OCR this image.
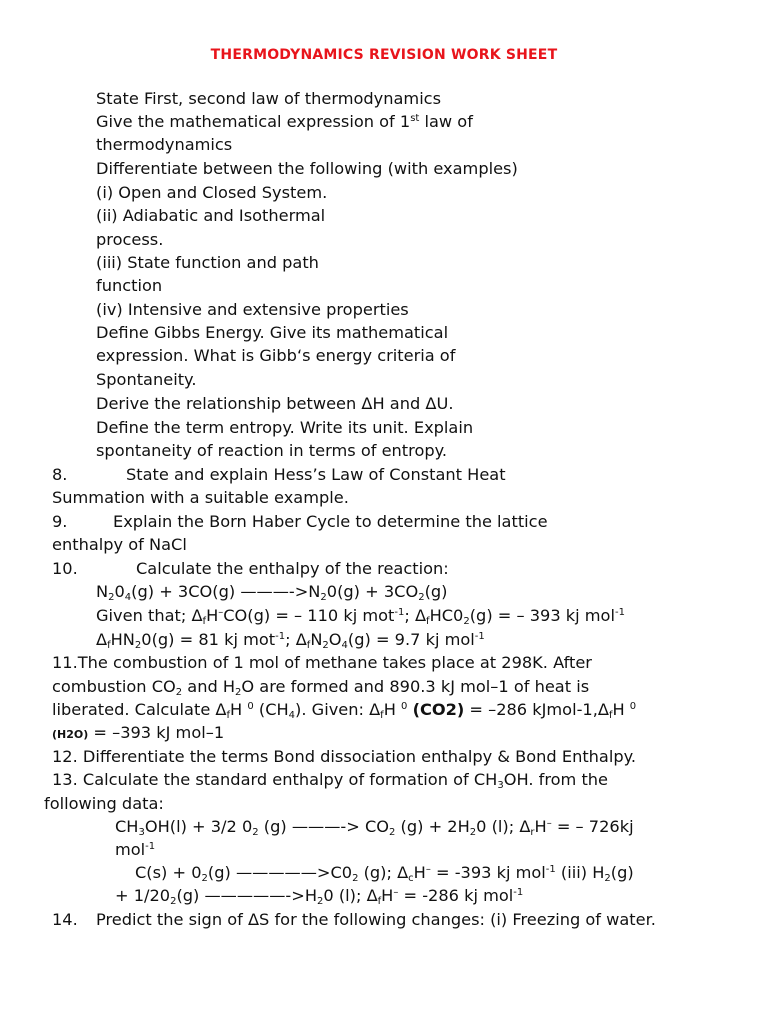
THERMODYNAMICS REVISION WORK SHEET
State First, second law of thermodynamics
Give the mathematical expression of 1st law of
thermodynamics
Differentiate between the following (with examples)
(i) Open and Closed System.
(ii) Adiabatic and Isothermal
process.
(iii) State function and path
function
(iv) Intensive and extensive properties
Define Gibbs Energy. Give its mathematical
expression. What is Gibb‘s energy criteria of
Spontaneity.
Derive the relationship between ΔH and ΔU.
Define the term entropy. Write its unit. Explain
spontaneity of reaction in terms of entropy.
8.	State and explain Hess’s Law of Constant Heat
Summation with a suitable example.
9.	Explain the Born Haber Cycle to determine the lattice
enthalpy of NaCl
10.	Calculate the enthalpy of the reaction:
$N_20_4(g) + 3CO(g)$ $———->N_20(g) + 3CO_2(g)$
Given that; $\Delta_fH^-CO(g)$ = – 110 kj mot$^{-1}$; $\Delta_fHC0_2(g)$ = – 393 kj mol$^{-1}$
$\Delta_fHN_20(g) = 81$ kj mot$^{-1}$; $\Delta_fN_2O_4(g) = 9.7$ kj mol$^{-1}$
11.The combustion of 1 mol of methane takes place at 298K. After
combustion $CO_2$ and $H_2O$ are formed and 890.3 kJ mol–1 of heat is
liberated. Calculate $\Delta_fH$ $^0$ $(CH_4)$. Given: $\Delta_fH$ $^0$ (CO2) = –286 kJmol-$1,\Delta_fH$ $^0$
(H2O) = –393 kJ mol–1
12. Differentiate the terms Bond dissociation enthalpy & Bond Enthalpy.
13. Calculate the standard enthalpy of formation of $CH_3OH$. from the
following data:
$CH_3OH(l) + 3/2$ $0_2$ (g) ———-> $CO_2$ $(g) + 2H_20$ (l); $\Delta_rH^-$ = – 726kj
mol$^{-1}$
$C(s) + 0_2(g)$ $—————>C0_2$ (g); $\Delta_cH^- = -393$ kj mol$^{-1}$ (iii) $H_2(g)$
+ $1/20_2(g)$ $—————->H_20$ (l); $\Delta_fH^- = -286$ kj mol$^{-1}$
14. Predict the sign of ΔS for the following changes: (i) Freezing of water.
